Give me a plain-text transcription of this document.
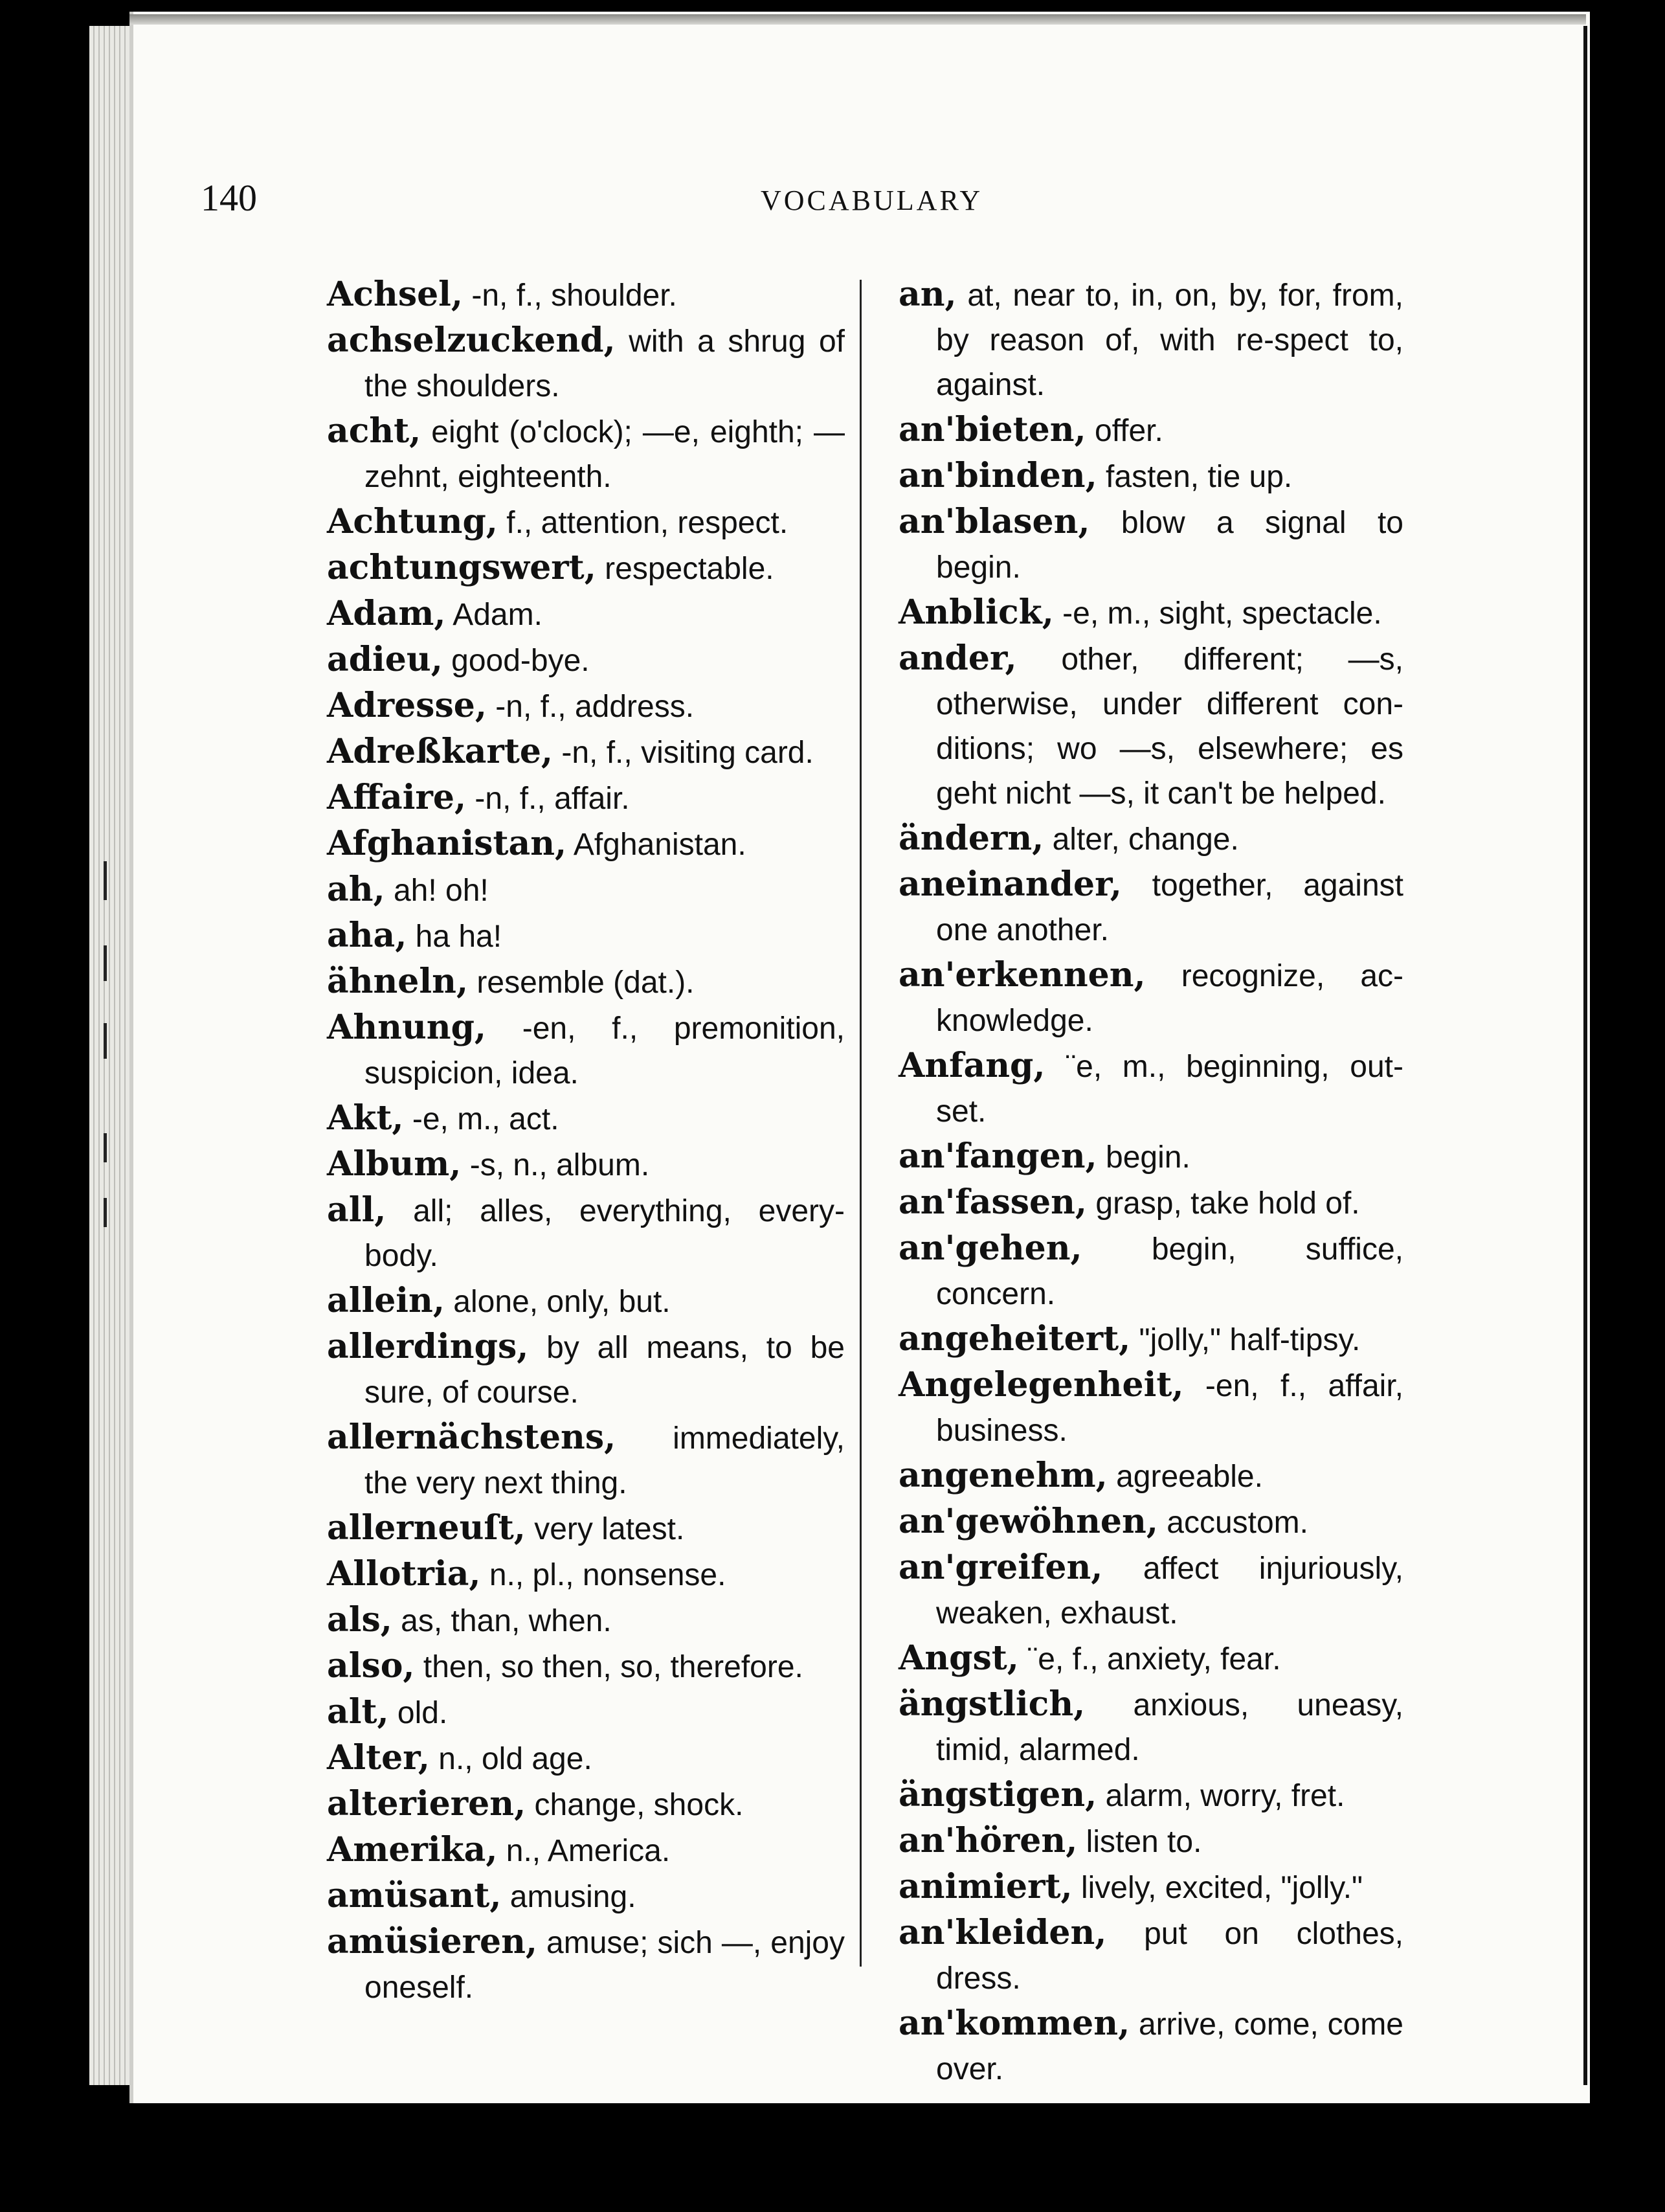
140	VOCABULARY

Achsel, -n, f., shoulder.

achselzuckend, with a shrug of the shoulders.

acht, eight (o'clock); —e, eighth; —zehnt, eighteenth.

Achtung, f., attention, respect.

achtungswert, respectable.

Adam, Adam.

adieu, good-bye.

Adresse, -n, f., address.

Adreßkarte, -n, f., visiting card.

Affaire, -n, f., affair.

Afghanistan, Afghanistan.

ah, ah! oh!

aha, ha ha!

ähneln, resemble (dat.).

Ahnung, -en, f., premonition, suspicion, idea.

Akt, -e, m., act.

Album, -s, n., album.

all, all; alles, everything, every-body.

allein, alone, only, but.

allerdings, by all means, to be sure, of course.

allernächstens, immediately, the very next thing.

allerneuſt, very latest.

Allotria, n., pl., nonsense.

als, as, than, when.

also, then, so then, so, therefore.

alt, old.

Alter, n., old age.

alterieren, change, shock.

Amerika, n., America.

amüsant, amusing.

amüsieren, amuse; sich —, enjoy oneself.

an, at, near to, in, on, by, for, from, by reason of, with re-spect to, against.

an'bieten, offer.

an'binden, fasten, tie up.

an'blasen, blow a signal to begin.

Anblick, -e, m., sight, spectacle.

ander, other, different; —s, otherwise, under different con-ditions; wo —s, elsewhere; es geht nicht —s, it can't be helped.

ändern, alter, change.

aneinander, together, against one another.

an'erkennen, recognize, ac-knowledge.

Anfang, ¨e, m., beginning, out-set.

an'fangen, begin.

an'fassen, grasp, take hold of.

an'gehen, begin, suffice, concern.

angeheitert, "jolly," half-tipsy.

Angelegenheit, -en, f., affair, business.

angenehm, agreeable.

an'gewöhnen, accustom.

an'greifen, affect injuriously, weaken, exhaust.

Angst, ¨e, f., anxiety, fear.

ängstlich, anxious, uneasy, timid, alarmed.

ängstigen, alarm, worry, fret.

an'hören, listen to.

animiert, lively, excited, "jolly."

an'kleiden, put on clothes, dress.

an'kommen, arrive, come, come over.
